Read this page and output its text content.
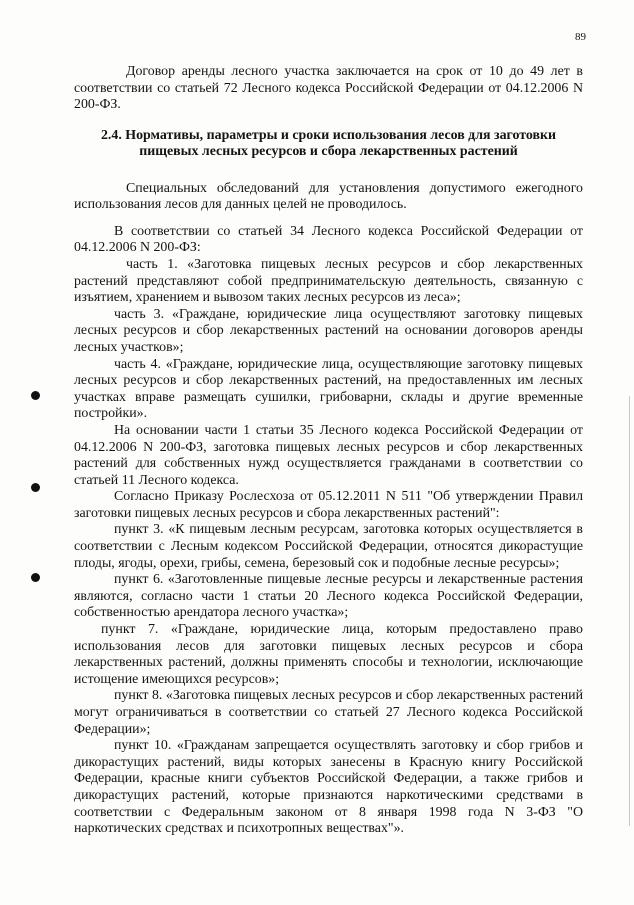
89

Договор аренды лесного участка заключается на срок от 10 до 49 лет в соответствии со статьей 72 Лесного кодекса Российской Федерации от 04.12.2006 N 200-ФЗ.

2.4. Нормативы, параметры и сроки использования лесов для заготовки пищевых лесных ресурсов и сбора лекарственных растений

Специальных обследований для установления допустимого ежегодного использования лесов для данных целей не проводилось.

В соответствии со статьей 34 Лесного кодекса Российской Федерации от 04.12.2006 N 200-ФЗ:

часть 1. «Заготовка пищевых лесных ресурсов и сбор лекарственных растений представляют собой предпринимательскую деятельность, связанную с изъятием, хранением и вывозом таких лесных ресурсов из леса»;

часть 3. «Граждане, юридические лица осуществляют заготовку пищевых лесных ресурсов и сбор лекарственных растений на основании договоров аренды лесных участков»;

часть 4. «Граждане, юридические лица, осуществляющие заготовку пищевых лесных ресурсов и сбор лекарственных растений, на предоставленных им лесных участках вправе размещать сушилки, грибоварни, склады и другие временные постройки».

На основании части 1 статьи 35 Лесного кодекса Российской Федерации от 04.12.2006 N 200-ФЗ, заготовка пищевых лесных ресурсов и сбор лекарственных растений для собственных нужд осуществляется гражданами в соответствии со статьей 11 Лесного кодекса.

Согласно Приказу Рослесхоза от 05.12.2011 N 511 "Об утверждении Правил заготовки пищевых лесных ресурсов и сбора лекарственных растений":

пункт 3. «К пищевым лесным ресурсам, заготовка которых осуществляется в соответствии с Лесным кодексом Российской Федерации, относятся дикорастущие плоды, ягоды, орехи, грибы, семена, березовый сок и подобные лесные ресурсы»;

пункт 6. «Заготовленные пищевые лесные ресурсы и лекарственные растения являются, согласно части 1 статьи 20 Лесного кодекса Российской Федерации, собственностью арендатора лесного участка»;

пункт 7. «Граждане, юридические лица, которым предоставлено право использования лесов для заготовки пищевых лесных ресурсов и сбора лекарственных растений, должны применять способы и технологии, исключающие истощение имеющихся ресурсов»;

пункт 8. «Заготовка пищевых лесных ресурсов и сбор лекарственных растений могут ограничиваться в соответствии со статьей 27 Лесного кодекса Российской Федерации»;

пункт 10. «Гражданам запрещается осуществлять заготовку и сбор грибов и дикорастущих растений, виды которых занесены в Красную книгу Российской Федерации, красные книги субъектов Российской Федерации, а также грибов и дикорастущих растений, которые признаются наркотическими средствами в соответствии с Федеральным законом от 8 января 1998 года N 3-ФЗ "О наркотических средствах и психотропных веществах"».
